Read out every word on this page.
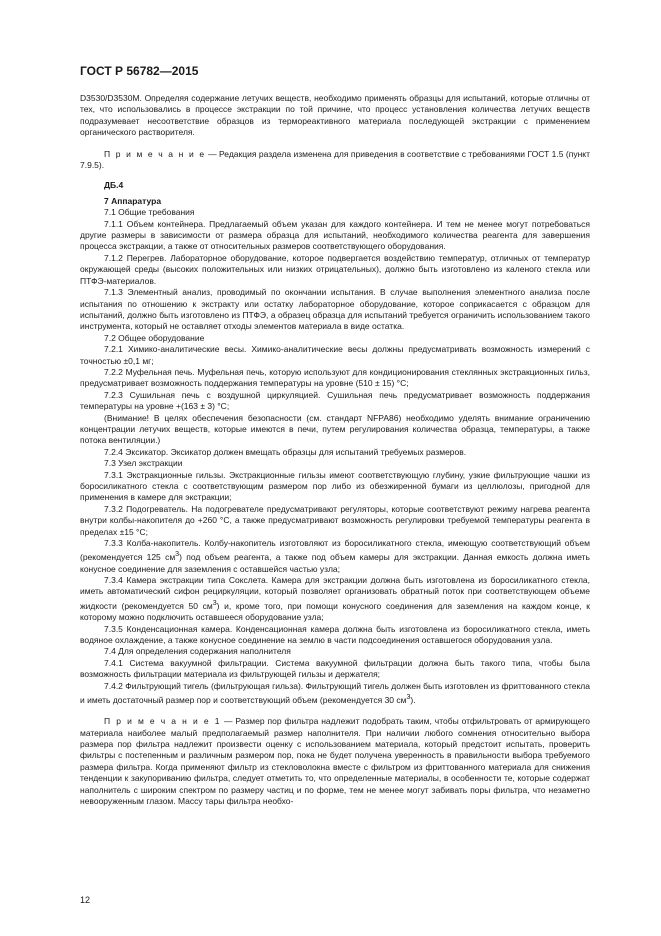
ГОСТ Р 56782—2015

D3530/D3530M. Определяя содержание летучих веществ, необходимо применять образцы для испытаний, которые отличны от тех, что использовались в процессе экстракции по той причине, что процесс установления количества летучих веществ подразумевает несоответствие образцов из термореактивного материала последующей экстракции с применением органического растворителя.

П р и м е ч а н и е — Редакция раздела изменена для приведения в соответствие с требованиями ГОСТ 1.5 (пункт 7.9.5).

ДБ.4

7 Аппаратура

7.1 Общие требования

7.1.1 Объем контейнера. Предлагаемый объем указан для каждого контейнера. И тем не менее могут потребоваться другие размеры в зависимости от размера образца для испытаний, необходимого количества реагента для завершения процесса экстракции, а также от относительных размеров соответствующего оборудования.

7.1.2 Перегрев. Лабораторное оборудование, которое подвергается воздействию температур, отличных от температур окружающей среды (высоких положительных или низких отрицательных), должно быть изготовлено из каленого стекла или ПТФЭ-материалов.

7.1.3 Элементный анализ, проводимый по окончании испытания. В случае выполнения элементного анализа после испытания по отношению к экстракту или остатку лабораторное оборудование, которое соприкасается с образцом для испытаний, должно быть изготовлено из ПТФЭ, а образец образца для испытаний требуется ограничить использованием такого инструмента, который не оставляет отходы элементов материала в виде остатка.

7.2 Общее оборудование

7.2.1 Химико-аналитические весы. Химико-аналитические весы должны предусматривать возможность измерений с точностью ±0,1 мг;

7.2.2 Муфельная печь. Муфельная печь, которую используют для кондиционирования стеклянных экстракционных гильз, предусматривает возможность поддержания температуры на уровне (510 ± 15) °C;

7.2.3 Сушильная печь с воздушной циркуляцией. Сушильная печь предусматривает возможность поддержания температуры на уровне +(163 ± 3) °C;

(Внимание! В целях обеспечения безопасности (см. стандарт NFPA86) необходимо уделять внимание ограничению концентрации летучих веществ, которые имеются в печи, путем регулирования количества образца, температуры, а также потока вентиляции.)

7.2.4 Эксикатор. Эксикатор должен вмещать образцы для испытаний требуемых размеров.

7.3 Узел экстракции

7.3.1 Экстракционные гильзы. Экстракционные гильзы имеют соответствующую глубину, узкие фильтрующие чашки из боросиликатного стекла с соответствующим размером пор либо из обезжиренной бумаги из целлюлозы, пригодной для применения в камере для экстракции;

7.3.2 Подогреватель. На подогревателе предусматривают регуляторы, которые соответствуют режиму нагрева реагента внутри колбы-накопителя до +260 °C, а также предусматривают возможность регулировки требуемой температуры реагента в пределах ±15 °C;

7.3.3 Колба-накопитель. Колбу-накопитель изготовляют из боросиликатного стекла, имеющую соответствующий объем (рекомендуется 125 $см^3$) под объем реагента, а также под объем камеры для экстракции. Данная емкость должна иметь конусное соединение для заземления с оставшейся частью узла;

7.3.4 Камера экстракции типа Сокслета. Камера для экстракции должна быть изготовлена из боросиликатного стекла, иметь автоматический сифон рециркуляции, который позволяет организовать обратный поток при соответствующем объеме жидкости (рекомендуется 50 $см^3$) и, кроме того, при помощи конусного соединения для заземления на каждом конце, к которому можно подключить оставшееся оборудование узла;

7.3.5 Конденсационная камера. Конденсационная камера должна быть изготовлена из боросиликатного стекла, иметь водяное охлаждение, а также конусное соединение на землю в части подсоединения оставшегося оборудования узла.

7.4 Для определения содержания наполнителя

7.4.1 Система вакуумной фильтрации. Система вакуумной фильтрации должна быть такого типа, чтобы была возможность фильтрации материала из фильтрующей гильзы и держателя;

7.4.2 Фильтрующий тигель (фильтрующая гильза). Фильтрующий тигель должен быть изготовлен из фриттованного стекла и иметь достаточный размер пор и соответствующий объем (рекомендуется 30 $см^3$).

П р и м е ч а н и е 1 — Размер пор фильтра надлежит подобрать таким, чтобы отфильтровать от армирующего материала наиболее малый предполагаемый размер наполнителя. При наличии любого сомнения относительно выбора размера пор фильтра надлежит произвести оценку с использованием материала, который предстоит испытать, проверить фильтры с постепенным и различным размером пор, пока не будет получена уверенность в правильности выбора требуемого размера фильтра. Когда применяют фильтр из стекловолокна вместе с фильтром из фриттованного материала для снижения тенденции к закупориванию фильтра, следует отметить то, что определенные материалы, в особенности те, которые содержат наполнитель с широким спектром по размеру частиц и по форме, тем не менее могут забивать поры фильтра, что незаметно невооруженным глазом. Массу тары фильтра необхо-

12
